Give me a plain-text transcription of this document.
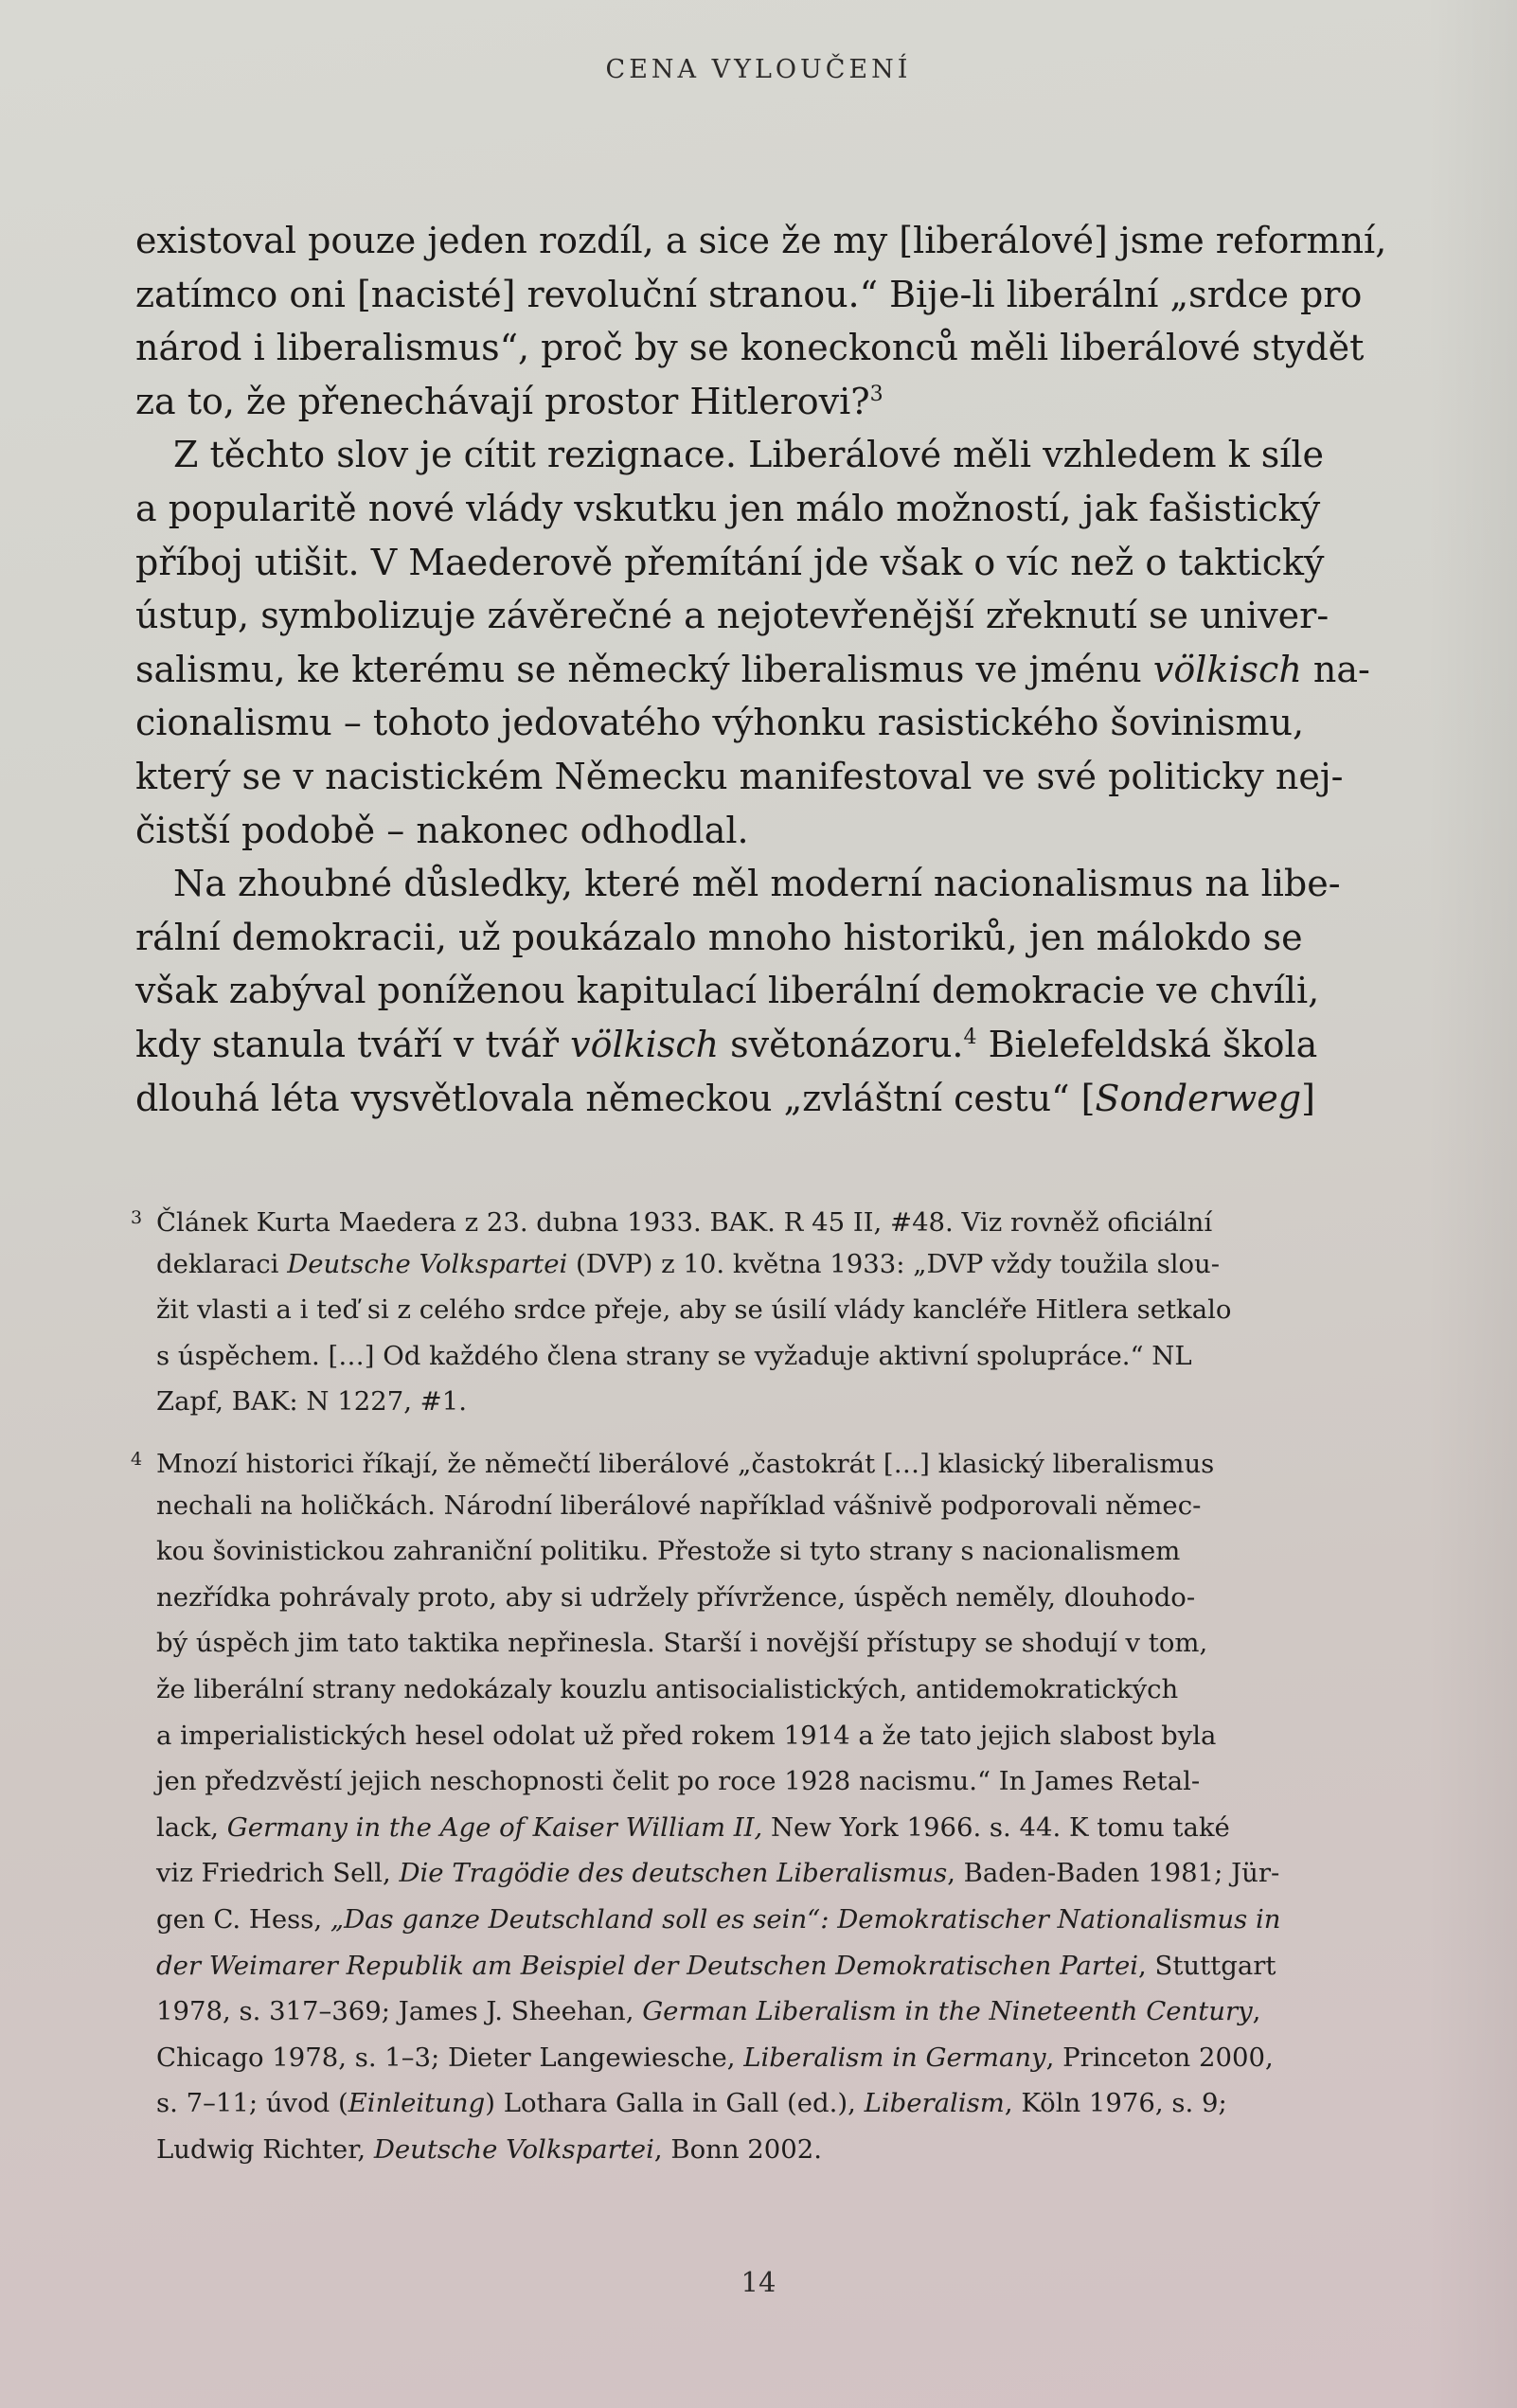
CENA VYLOUČENÍ
existoval pouze jeden rozdíl, a sice že my [liberálové] jsme reformní,
zatímco oni [nacisté] revoluční stranou.“ Bije-li liberální „srdce pro
národ i liberalismus“, proč by se koneckonců měli liberálové stydět
za to, že přenechávají prostor Hitlerovi?$^3$
Z těchto slov je cítit rezignace. Liberálové měli vzhledem k síle
a popularitě nové vlády vskutku jen málo možností, jak fašistický
příboj utišit. V Maederově přemítání jde však o víc než o taktický
ústup, symbolizuje závěrečné a nejotevřenější zřeknutí se univer-
salismu, ke kterému se německý liberalismus ve jménu völkisch na-
cionalismu – tohoto jedovatého výhonku rasistického šovinismu,
který se v nacistickém Německu manifestoval ve své politicky nej-
čistší podobě – nakonec odhodlal.
Na zhoubné důsledky, které měl moderní nacionalismus na libe-
rální demokracii, už poukázalo mnoho historiků, jen málokdo se
však zabýval poníženou kapitulací liberální demokracie ve chvíli,
kdy stanula tváří v tvář völkisch světonázoru.$^4$ Bielefeldská škola
dlouhá léta vysvětlovala německou „zvláštní cestu“ [Sonderweg]
3 Článek Kurta Maedera z 23. dubna 1933. BAK. R 45 II, #48. Viz rovněž oficiální
deklaraci Deutsche Volkspartei (DVP) z 10. května 1933: „DVP vždy toužila slou-
žit vlasti a i teď si z celého srdce přeje, aby se úsilí vlády kancléře Hitlera setkalo
s úspěchem. […] Od každého člena strany se vyžaduje aktivní spolupráce.“ NL
Zapf, BAK: N 1227, #1.
4 Mnozí historici říkají, že němečtí liberálové „častokrát […] klasický liberalismus
nechali na holičkách. Národní liberálové například vášnivě podporovali němec-
kou šovinistickou zahraniční politiku. Přestože si tyto strany s nacionalismem
nezřídka pohrávaly proto, aby si udržely přívržence, úspěch neměly, dlouhodo-
bý úspěch jim tato taktika nepřinesla. Starší i novější přístupy se shodují v tom,
že liberální strany nedokázaly kouzlu antisocialistických, antidemokratických
a imperialistických hesel odolat už před rokem 1914 a že tato jejich slabost byla
jen předzvěstí jejich neschopnosti čelit po roce 1928 nacismu.“ In James Retal-
lack, Germany in the Age of Kaiser William II, New York 1966. s. 44. K tomu také
viz Friedrich Sell, Die Tragödie des deutschen Liberalismus, Baden-Baden 1981; Jür-
gen C. Hess, „Das ganze Deutschland soll es sein“: Demokratischer Nationalismus in
der Weimarer Republik am Beispiel der Deutschen Demokratischen Partei, Stuttgart
1978, s. 317–369; James J. Sheehan, German Liberalism in the Nineteenth Century,
Chicago 1978, s. 1–3; Dieter Langewiesche, Liberalism in Germany, Princeton 2000,
s. 7–11; úvod (Einleitung) Lothara Galla in Gall (ed.), Liberalism, Köln 1976, s. 9;
Ludwig Richter, Deutsche Volkspartei, Bonn 2002.
14
